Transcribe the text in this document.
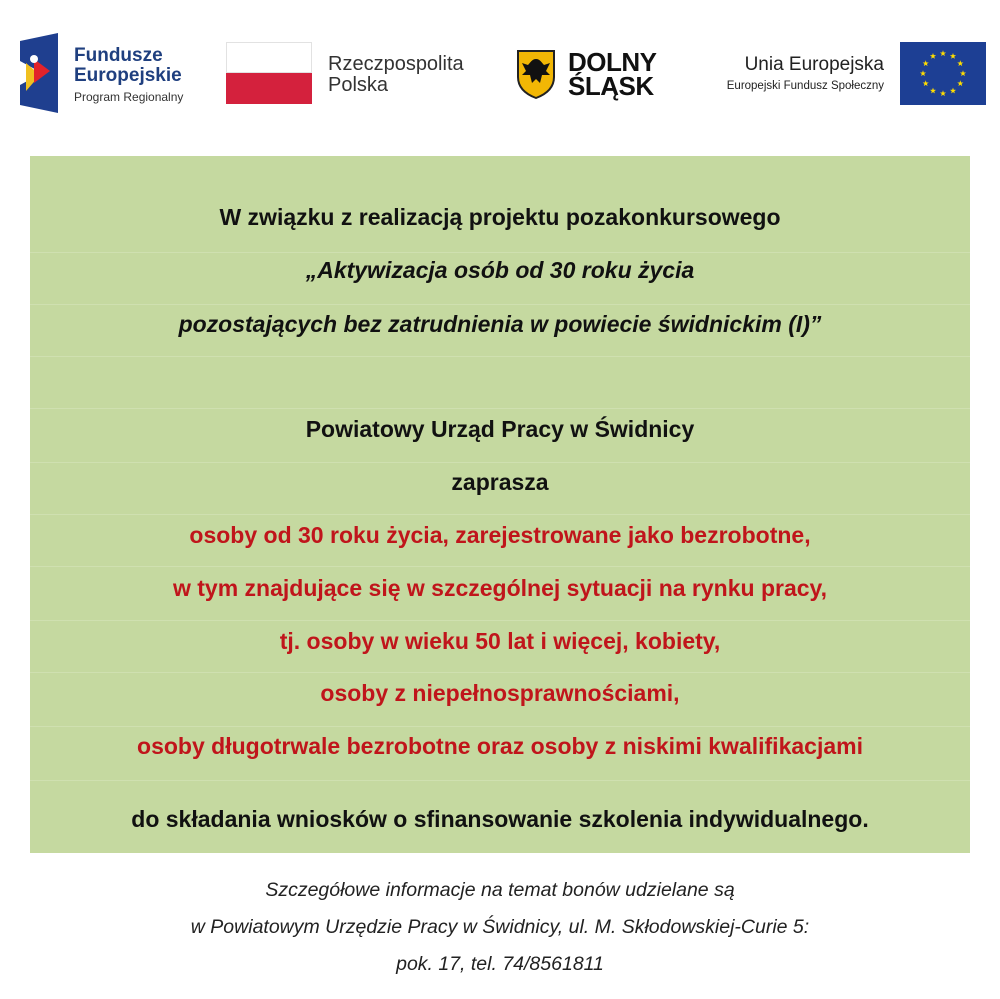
Fundusze
Europejskie
Program Regionalny
Rzeczpospolita
Polska
DOLNY
ŚLĄSK
Unia Europejska
Europejski Fundusz Społeczny
W związku z realizacją projektu pozakonkursowego
„Aktywizacja osób od 30 roku życia
pozostających bez zatrudnienia w powiecie świdnickim (I)”
Powiatowy Urząd Pracy w Świdnicy
zaprasza
osoby od 30 roku życia, zarejestrowane jako bezrobotne,
w tym znajdujące się w szczególnej sytuacji na rynku pracy,
tj. osoby w wieku 50 lat i więcej, kobiety,
osoby z niepełnosprawnościami,
osoby długotrwale bezrobotne oraz osoby z niskimi kwalifikacjami
do składania wniosków o sfinansowanie szkolenia indywidualnego.
Szczegółowe informacje na temat bonów udzielane są
w Powiatowym Urzędzie Pracy w Świdnicy, ul. M. Skłodowskiej-Curie 5:
pok. 17, tel. 74/8561811
